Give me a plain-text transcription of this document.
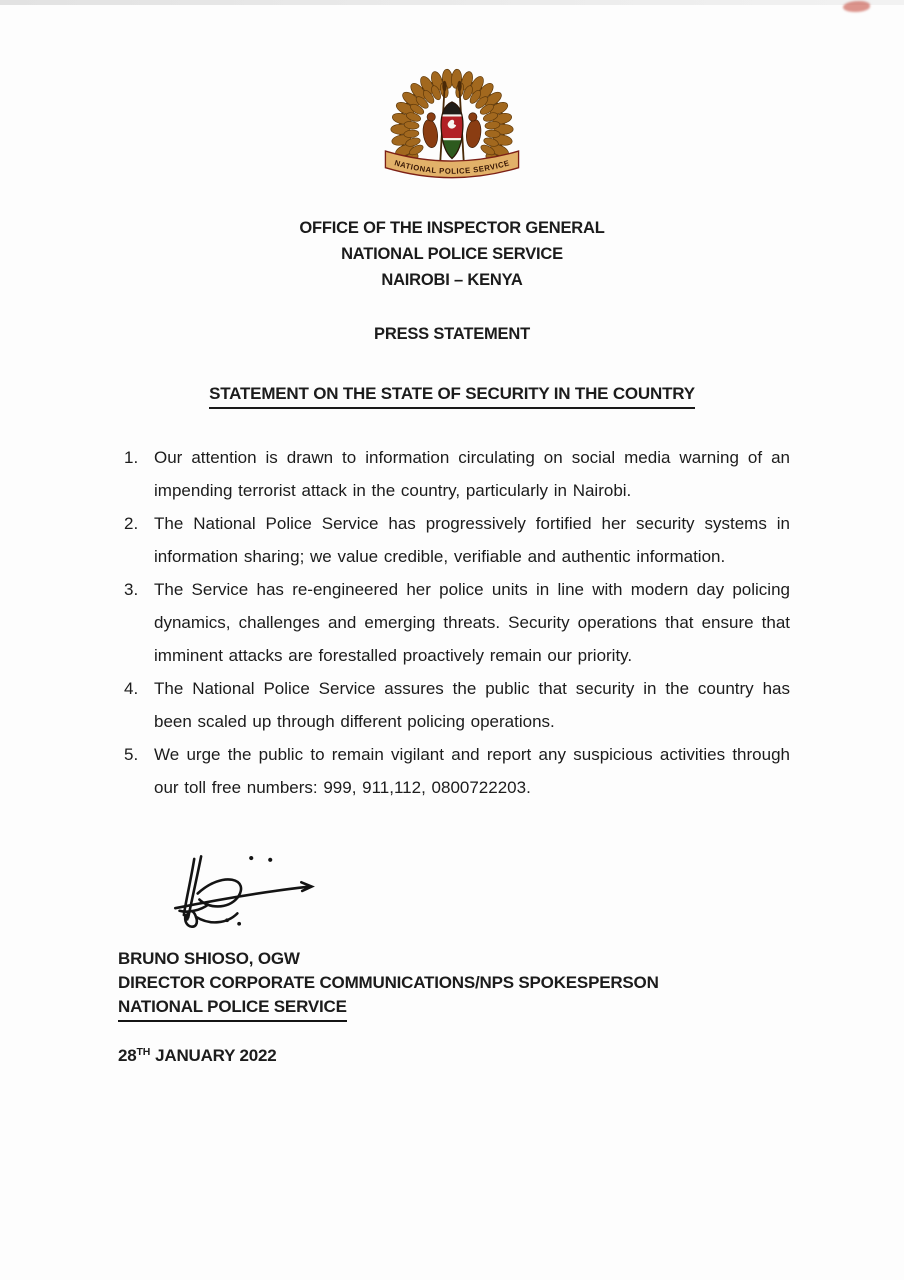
NATIONAL POLICE SERVICE
OFFICE OF THE INSPECTOR GENERAL
NATIONAL POLICE SERVICE
NAIROBI – KENYA
PRESS STATEMENT
STATEMENT ON THE STATE OF SECURITY IN THE COUNTRY
1. Our attention is drawn to information circulating on social media warning of an impending terrorist attack in the country, particularly in Nairobi.
2. The National Police Service has progressively fortified her security systems in information sharing; we value credible, verifiable and authentic information.
3. The Service has re-engineered her police units in line with modern day policing dynamics, challenges and emerging threats. Security operations that ensure that imminent attacks are forestalled proactively remain our priority.
4. The National Police Service assures the public that security in the country has been scaled up through different policing operations.
5. We urge the public to remain vigilant and report any suspicious activities through our toll free numbers: 999, 911,112, 0800722203.
BRUNO SHIOSO, OGW
DIRECTOR CORPORATE COMMUNICATIONS/NPS SPOKESPERSON
NATIONAL POLICE SERVICE
28TH JANUARY 2022
